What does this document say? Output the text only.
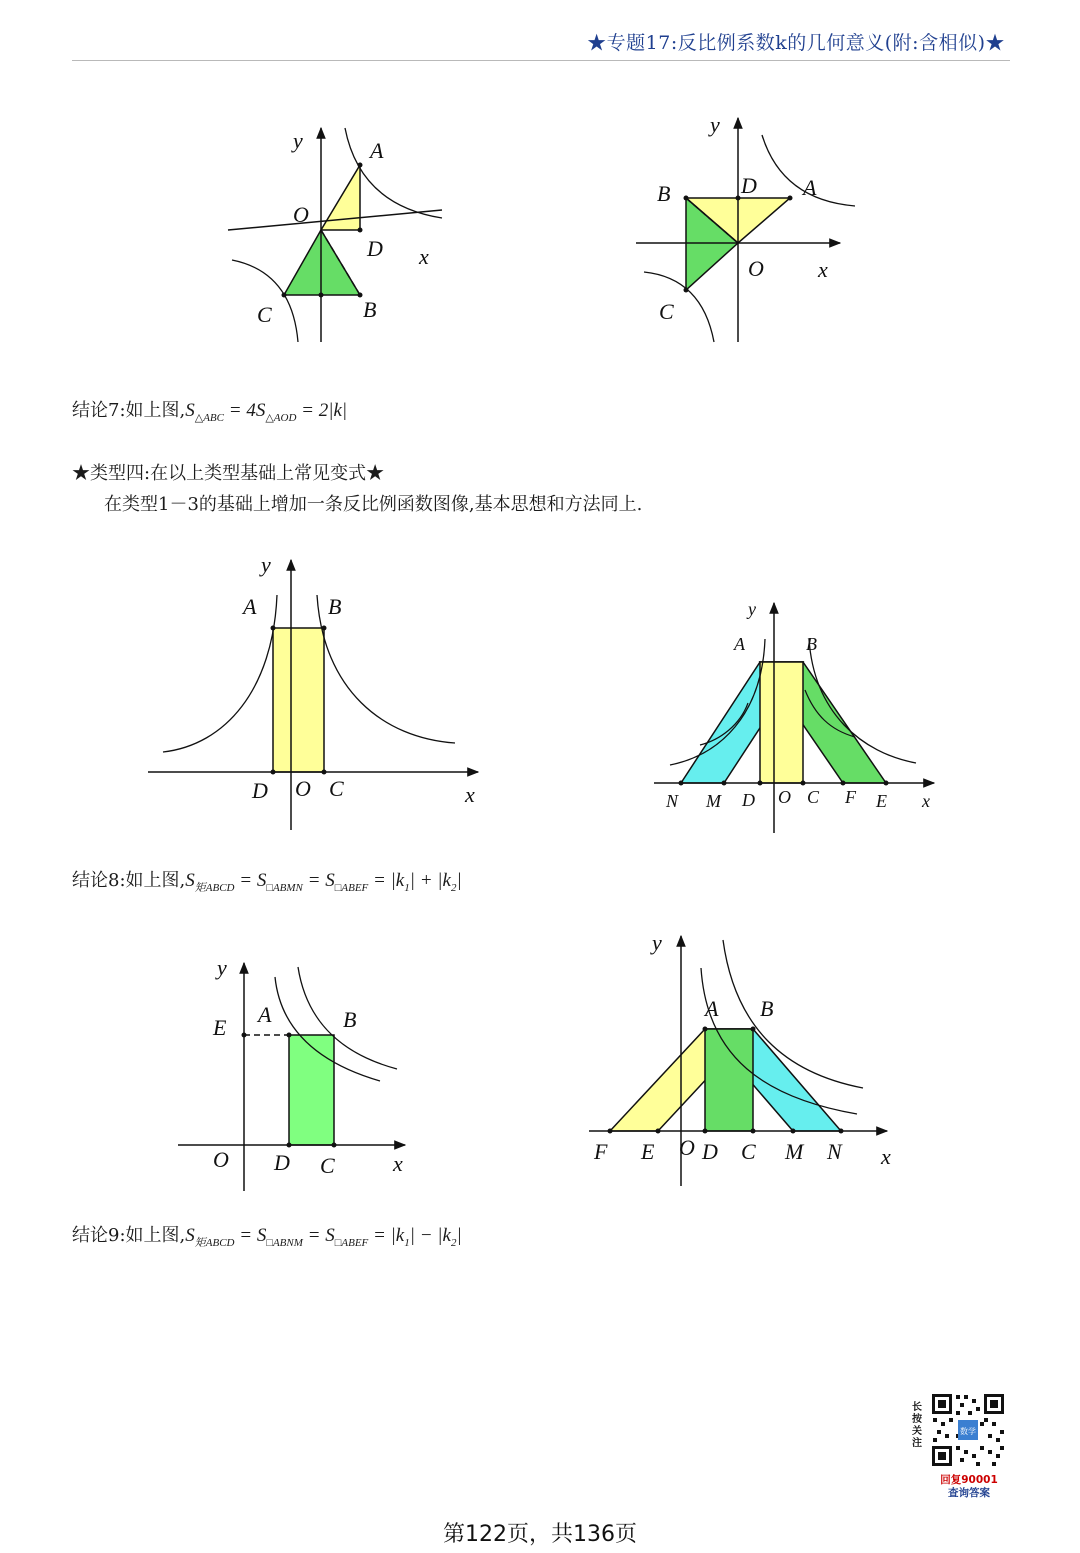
★专题17:反比例系数k的几何意义(附:含相似)★
y	A
O
D x
C	B
y
B	D A
O x
C
结论7:如上图$,S_{\triangle ABC} = 4S_{\triangle AOD} = 2|k|$
★类型四:在以上类型基础上常见变式★
在类型1－3的基础上增加一条反比例函数图像,基本思想和方法同上.
y
A	B
D O C	x
y
A	B
N M D O C F E x
结论8:如上图$,S_{矩ABCD} = S_{□ABMN} = S_{□ABEF} = |k_1| + |k_2|$
y
E
A	B
O D C	x
y
A B
F E O D C M N x
结论9:如上图$,S_{矩ABCD} = S_{□ABNM} = S_{□ABEF} = |k_1| - |k_2|$
长按关注
数学
回复90001
查询答案
第122页，共136页
